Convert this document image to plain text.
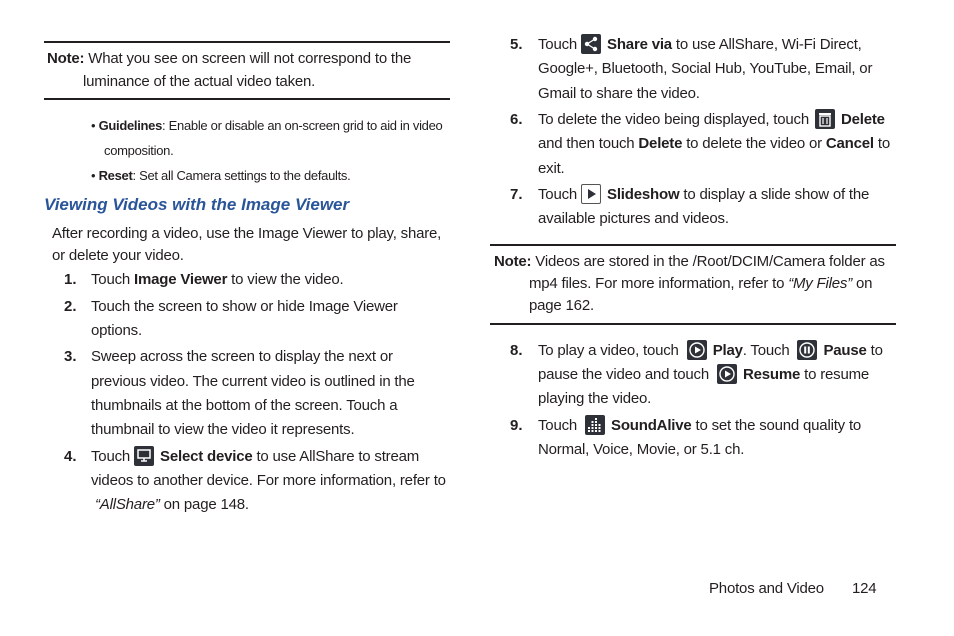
Note: What you see on screen will not correspond to the
luminance of the actual video taken.
• Guidelines: Enable or disable an on-screen grid to aid in video
composition.
• Reset: Set all Camera settings to the defaults.
Viewing Videos with the Image Viewer
After recording a video, use the Image Viewer to play, share,
or delete your video.
1. Touch Image Viewer to view the video.
2. Touch the screen to show or hide Image Viewer
options.
3. Sweep across the screen to display the next or
previous video. The current video is outlined in the
thumbnails at the bottom of the screen. Touch a
thumbnail to view the video it represents.
4. Touch Select device to use AllShare to stream
videos to another device. For more information, refer to
“AllShare” on page 148.
5. Touch Share via to use AllShare, Wi-Fi Direct,
Google+, Bluetooth, Social Hub, YouTube, Email, or
Gmail to share the video.
6. To delete the video being displayed, touch Delete
and then touch Delete to delete the video or Cancel to
exit.
7. Touch Slideshow to display a slide show of the
available pictures and videos.
Note: Videos are stored in the /Root/DCIM/Camera folder as
mp4 files. For more information, refer to “My Files” on
page 162.
8. To play a video, touch Play. Touch Pause to
pause the video and touch Resume to resume
playing the video.
9. Touch SoundAlive to set the sound quality to
Normal, Voice, Movie, or 5.1 ch.
Photos and Video 124
